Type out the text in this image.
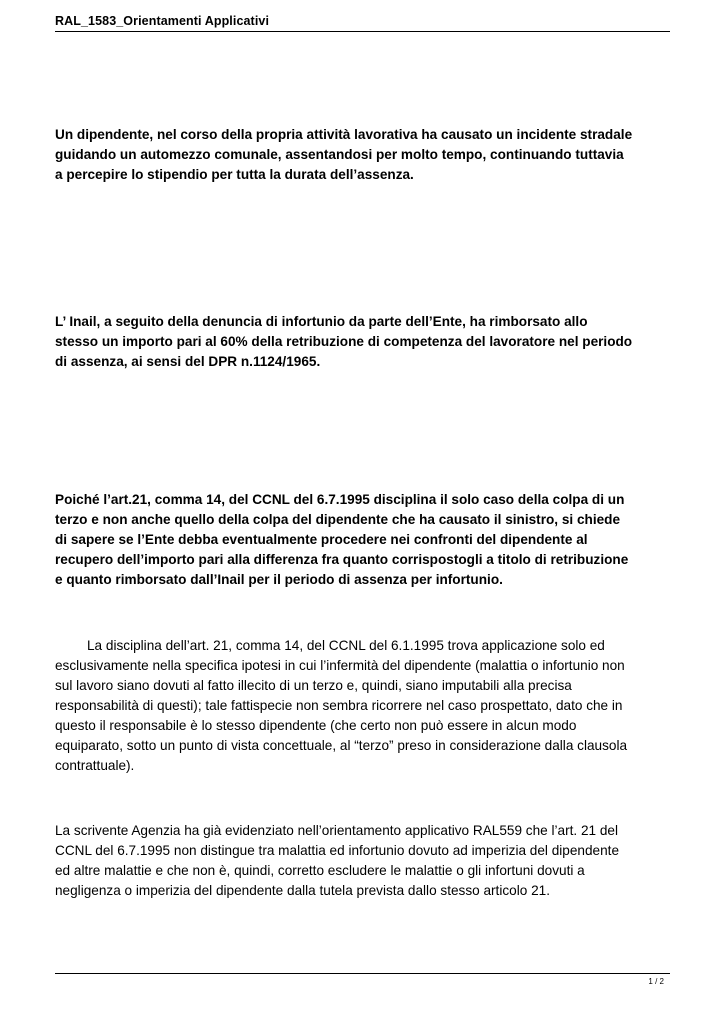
RAL_1583_Orientamenti Applicativi
Un dipendente, nel corso della propria attività lavorativa ha causato un incidente stradale
guidando un automezzo comunale, assentandosi per molto tempo, continuando tuttavia
a percepire lo stipendio per tutta la durata dell’assenza.
L’ Inail, a seguito della denuncia di infortunio da parte dell’Ente, ha rimborsato allo
stesso un importo pari al 60% della retribuzione di competenza del lavoratore nel periodo
di assenza, ai sensi del DPR n.1124/1965.
Poiché l’art.21, comma 14, del CCNL del 6.7.1995 disciplina il solo caso della colpa di un
terzo e non anche quello della colpa del dipendente che ha causato il sinistro, si chiede
di sapere se l’Ente debba eventualmente procedere nei confronti del dipendente al
recupero dell’importo pari alla differenza fra quanto corrispostogli a titolo di retribuzione
e quanto rimborsato dall’Inail per il periodo di assenza per infortunio.
La disciplina dell’art. 21, comma 14, del CCNL del 6.1.1995 trova applicazione solo ed
esclusivamente nella specifica ipotesi in cui l’infermità del dipendente (malattia o infortunio non
sul lavoro siano dovuti al fatto illecito di un terzo e, quindi, siano imputabili alla precisa
responsabilità di questi); tale fattispecie non sembra ricorrere nel caso prospettato, dato che in
questo il responsabile è lo stesso dipendente (che certo non può essere in alcun modo
equiparato, sotto un punto di vista concettuale, al “terzo” preso in considerazione dalla clausola
contrattuale).
La scrivente Agenzia ha già evidenziato nell’orientamento applicativo RAL559 che l’art. 21 del
CCNL del 6.7.1995 non distingue tra malattia ed infortunio dovuto ad imperizia del dipendente
ed altre malattie e che non è, quindi, corretto escludere le malattie o gli infortuni dovuti a
negligenza o imperizia del dipendente dalla tutela prevista dallo stesso articolo 21.
1 / 2
